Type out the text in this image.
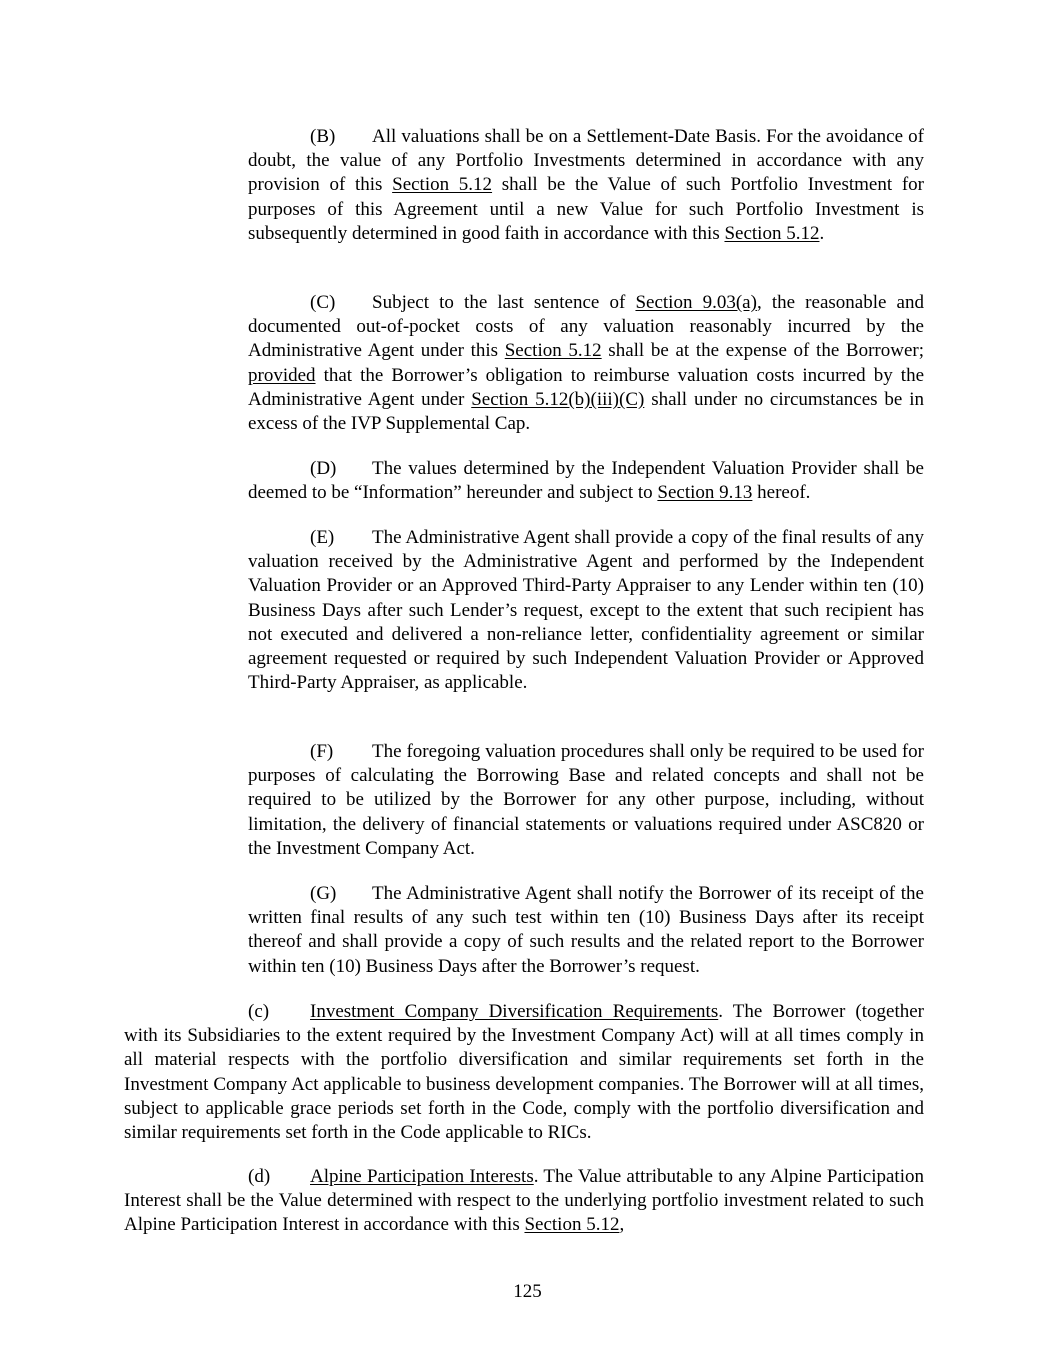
(B) All valuations shall be on a Settlement-Date Basis. For the avoidance of doubt, the value of any Portfolio Investments determined in accordance with any provision of this Section 5.12 shall be the Value of such Portfolio Investment for purposes of this Agreement until a new Value for such Portfolio Investment is subsequently determined in good faith in accordance with this Section 5.12.

(C) Subject to the last sentence of Section 9.03(a), the reasonable and documented out-of-pocket costs of any valuation reasonably incurred by the Administrative Agent under this Section 5.12 shall be at the expense of the Borrower; provided that the Borrower’s obligation to reimburse valuation costs incurred by the Administrative Agent under Section 5.12(b)(iii)(C) shall under no circumstances be in excess of the IVP Supplemental Cap.

(D) The values determined by the Independent Valuation Provider shall be deemed to be “Information” hereunder and subject to Section 9.13 hereof.

(E) The Administrative Agent shall provide a copy of the final results of any valuation received by the Administrative Agent and performed by the Independent Valuation Provider or an Approved Third-Party Appraiser to any Lender within ten (10) Business Days after such Lender’s request, except to the extent that such recipient has not executed and delivered a non-reliance letter, confidentiality agreement or similar agreement requested or required by such Independent Valuation Provider or Approved Third-Party Appraiser, as applicable.

(F) The foregoing valuation procedures shall only be required to be used for purposes of calculating the Borrowing Base and related concepts and shall not be required to be utilized by the Borrower for any other purpose, including, without limitation, the delivery of financial statements or valuations required under ASC820 or the Investment Company Act.

(G) The Administrative Agent shall notify the Borrower of its receipt of the written final results of any such test within ten (10) Business Days after its receipt thereof and shall provide a copy of such results and the related report to the Borrower within ten (10) Business Days after the Borrower’s request.

(c) Investment Company Diversification Requirements. The Borrower (together with its Subsidiaries to the extent required by the Investment Company Act) will at all times comply in all material respects with the portfolio diversification and similar requirements set forth in the Investment Company Act applicable to business development companies. The Borrower will at all times, subject to applicable grace periods set forth in the Code, comply with the portfolio diversification and similar requirements set forth in the Code applicable to RICs.

(d) Alpine Participation Interests. The Value attributable to any Alpine Participation Interest shall be the Value determined with respect to the underlying portfolio investment related to such Alpine Participation Interest in accordance with this Section 5.12,

125
